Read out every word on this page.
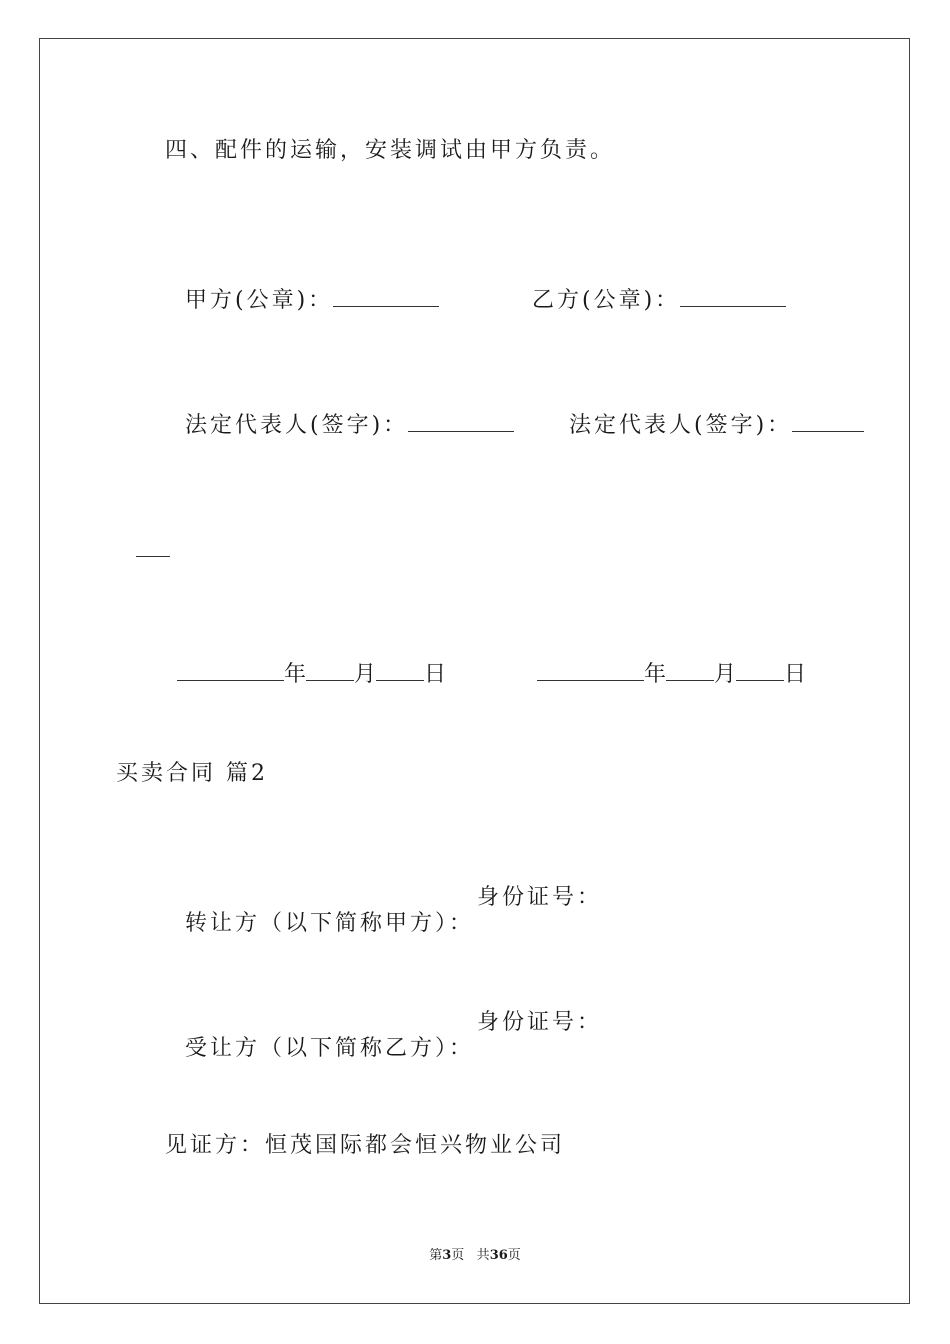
四、配件的运输，安装调试由甲方负责。

甲方(公章)：	乙方(公章)：

法定代表人(签字)：	法定代表人(签字)：

年 月 日	年 月 日

买卖合同 篇2

转让方（以下简称甲方）：

身份证号：

受让方（以下简称乙方）：

身份证号：
见证方：恒茂国际都会恒兴物业公司
第3页 共36页
